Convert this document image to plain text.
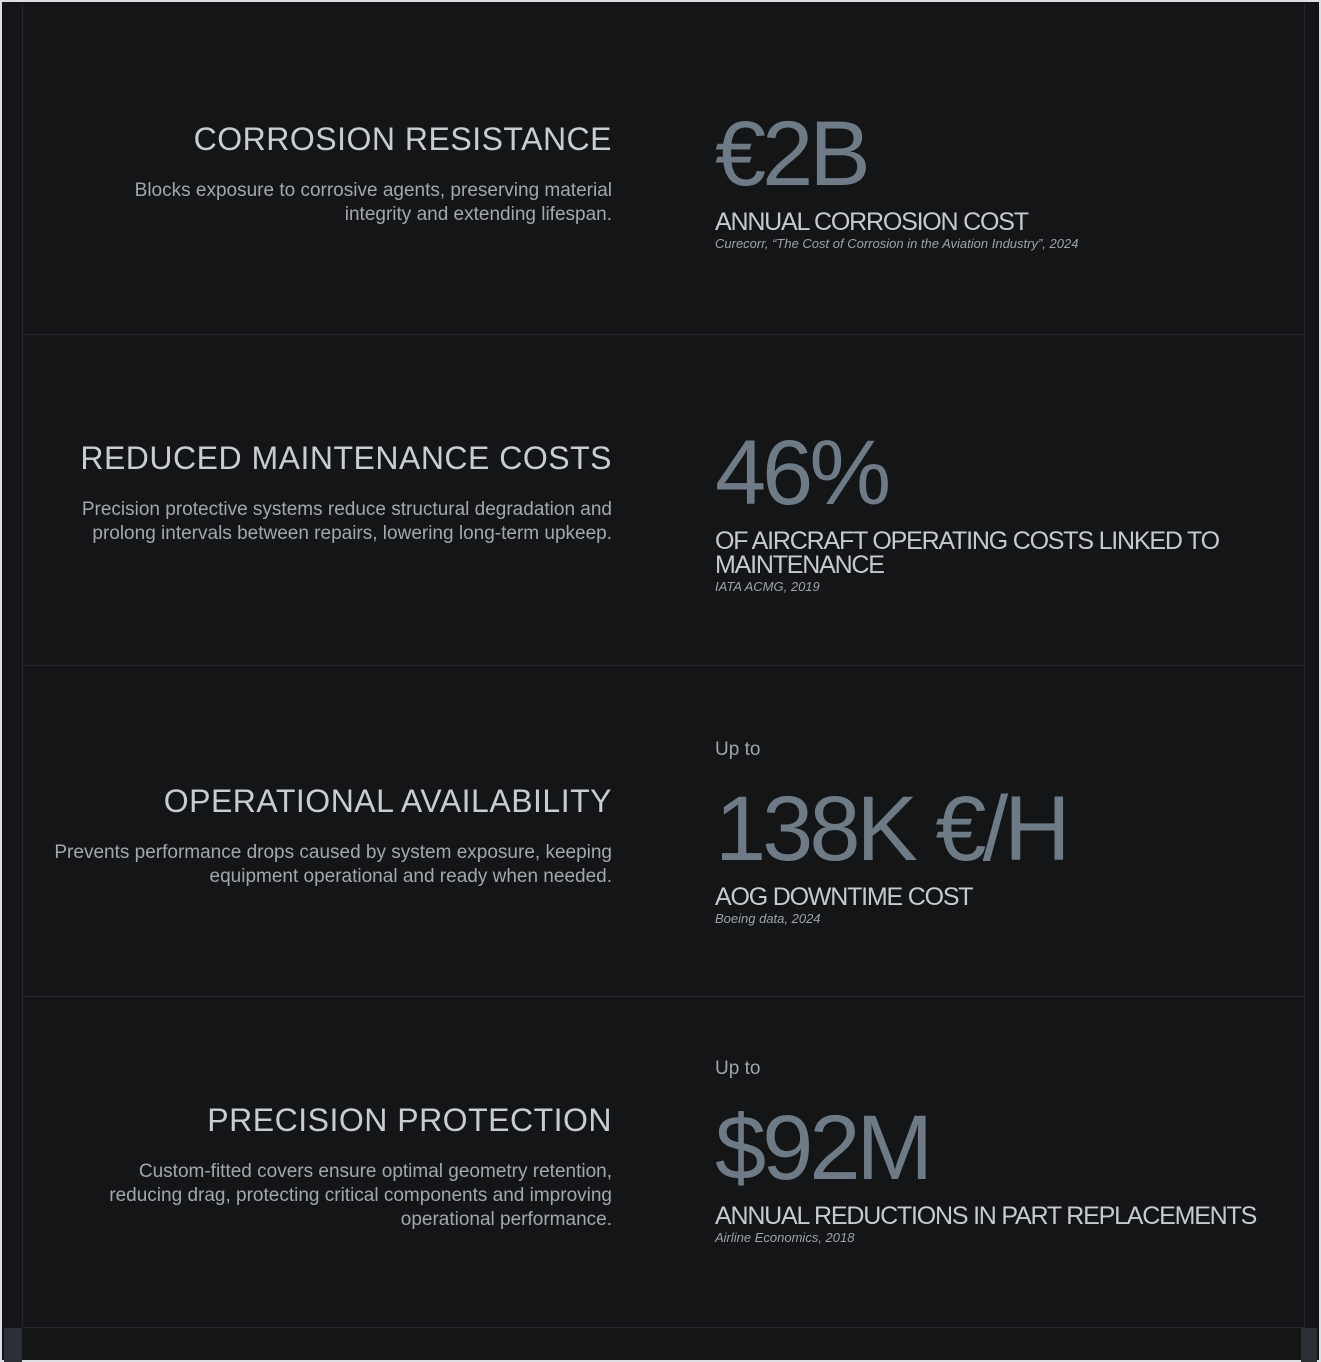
CORROSION RESISTANCE

Blocks exposure to corrosive agents, preserving material integrity and extending lifespan.

€2B

ANNUAL CORROSION COST

Curecorr, “The Cost of Corrosion in the Aviation Industry”, 2024

REDUCED MAINTENANCE COSTS

Precision protective systems reduce structural degradation and prolong intervals between repairs, lowering long-term upkeep.

46%

OF AIRCRAFT OPERATING COSTS LINKED TO MAINTENANCE

IATA ACMG, 2019

OPERATIONAL AVAILABILITY

Prevents performance drops caused by system exposure, keeping equipment operational and ready when needed.

Up to

138K €/H

AOG DOWNTIME COST

Boeing data, 2024

PRECISION PROTECTION

Custom-fitted covers ensure optimal geometry retention, reducing drag, protecting critical components and improving operational performance.

Up to

$92M

ANNUAL REDUCTIONS IN PART REPLACEMENTS

Airline Economics, 2018
